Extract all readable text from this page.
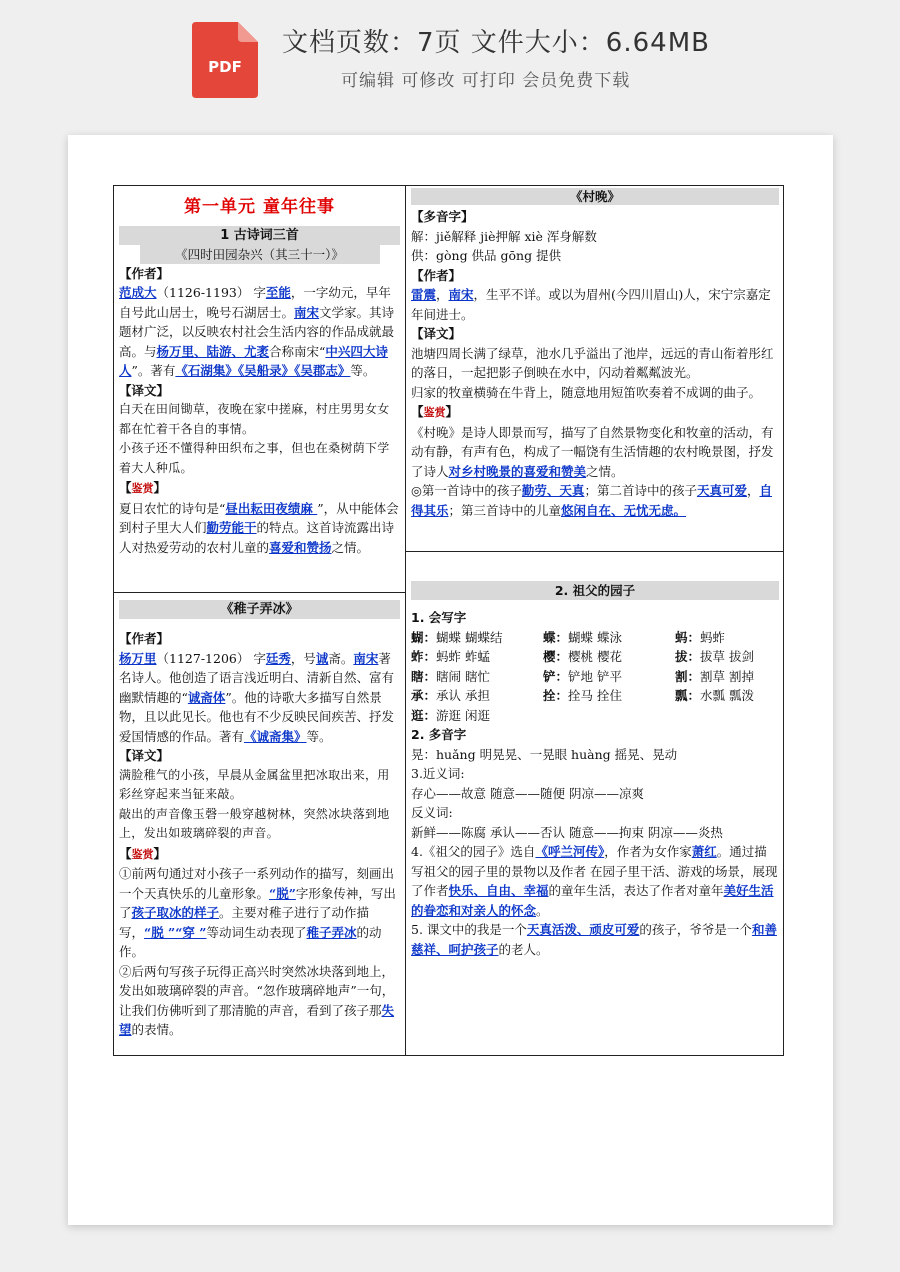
PDF
文档页数：7页 文件大小：6.64MB
可编辑 可修改 可打印 会员免费下载
第一单元 童年往事
1 古诗词三首
《四时田园杂兴（其三十一）》

【作者】

范成大（1126-1193） 字至能，一字幼元，早年自号此山居士，晚号石湖居士。南宋文学家。其诗题材广泛，以反映农村社会生活内容的作品成就最高。与杨万里、陆游、尤袤合称南宋“中兴四大诗人”。著有《石湖集》《吴船录》《吴郡志》等。

【译文】

白天在田间锄草，夜晚在家中搓麻，村庄男男女女都在忙着干各自的事情。

小孩子还不懂得种田织布之事，但也在桑树荫下学着大人种瓜。

【鉴赏】

夏日农忙的诗句是“昼出耘田夜绩麻 ”，从中能体会到村子里大人们勤劳能干的特点。这首诗流露出诗人对热爱劳动的农村儿童的喜爱和赞扬之情。

《稚子弄冰》

【作者】

杨万里（1127-1206） 字廷秀，号诚斋。南宋著名诗人。他创造了语言浅近明白、清新自然、富有幽默情趣的“诚斋体”。他的诗歌大多描写自然景物，且以此见长。他也有不少反映民间疾苦、抒发爱国情感的作品。著有《诚斋集》等。

【译文】

满脸稚气的小孩，早晨从金属盆里把冰取出来，用彩丝穿起来当钲来敲。

敲出的声音像玉磬一般穿越树林，突然冰块落到地上，发出如玻璃碎裂的声音。

【鉴赏】

①前两句通过对小孩子一系列动作的描写，刻画出一个天真快乐的儿童形象。“脱”字形象传神，写出了孩子取冰的样子。主要对稚子进行了动作描写，“脱 ”“穿 ”等动词生动表现了稚子弄冰的动作。

②后两句写孩子玩得正高兴时突然冰块落到地上，发出如玻璃碎裂的声音。“忽作玻璃碎地声”一句，让我们仿佛听到了那清脆的声音，看到了孩子那失望的表情。

《村晚》

【多音字】

解：jiě解释 jiè押解 xiè 浑身解数

供：gòng 供品 gōng 提供

【作者】

雷震，南宋，生平不详。或以为眉州(今四川眉山)人，宋宁宗嘉定年间进士。

【译文】

池塘四周长满了绿草，池水几乎溢出了池岸，远远的青山衔着彤红的落日，一起把影子倒映在水中，闪动着粼粼波光。

归家的牧童横骑在牛背上，随意地用短笛吹奏着不成调的曲子。

【鉴赏】

《村晚》是诗人即景而写，描写了自然景物变化和牧童的活动，有动有静，有声有色，构成了一幅饶有生活情趣的农村晚景图，抒发了诗人对乡村晚景的喜爱和赞美之情。

◎第一首诗中的孩子勤劳、天真；第二首诗中的孩子天真可爱，自得其乐；第三首诗中的儿童悠闲自在、无忧无虑。

2. 祖父的园子

1. 会写字

蝴：蝴蝶 蝴蝶结	蝶：蝴蝶 蝶泳	蚂：蚂蚱
蚱：蚂蚱 蚱蜢	樱：樱桃 樱花	拔：拔草 拔剑
瞎：瞎闹 瞎忙	铲：铲地 铲平	割：割草 割掉
承：承认 承担	拴：拴马 拴住	瓢：水瓢 瓢泼
逛：游逛 闲逛

2. 多音字

晃：huǎng 明晃晃、一晃眼 huàng 摇晃、晃动

3.近义词:

存心——故意 随意——随便 阴凉——凉爽

反义词:

新鲜——陈腐 承认——否认 随意——拘束 阴凉——炎热

4.《祖父的园子》选自《呼兰河传》，作者为女作家萧红。通过描写祖父的园子里的景物以及作者 在园子里干活、游戏的场景，展现了作者快乐、自由、幸福的童年生活，表达了作者对童年美好生活的眷恋和对亲人的怀念。

5. 课文中的我是一个天真活泼、顽皮可爱的孩子，爷爷是一个和善慈祥、呵护孩子的老人。
